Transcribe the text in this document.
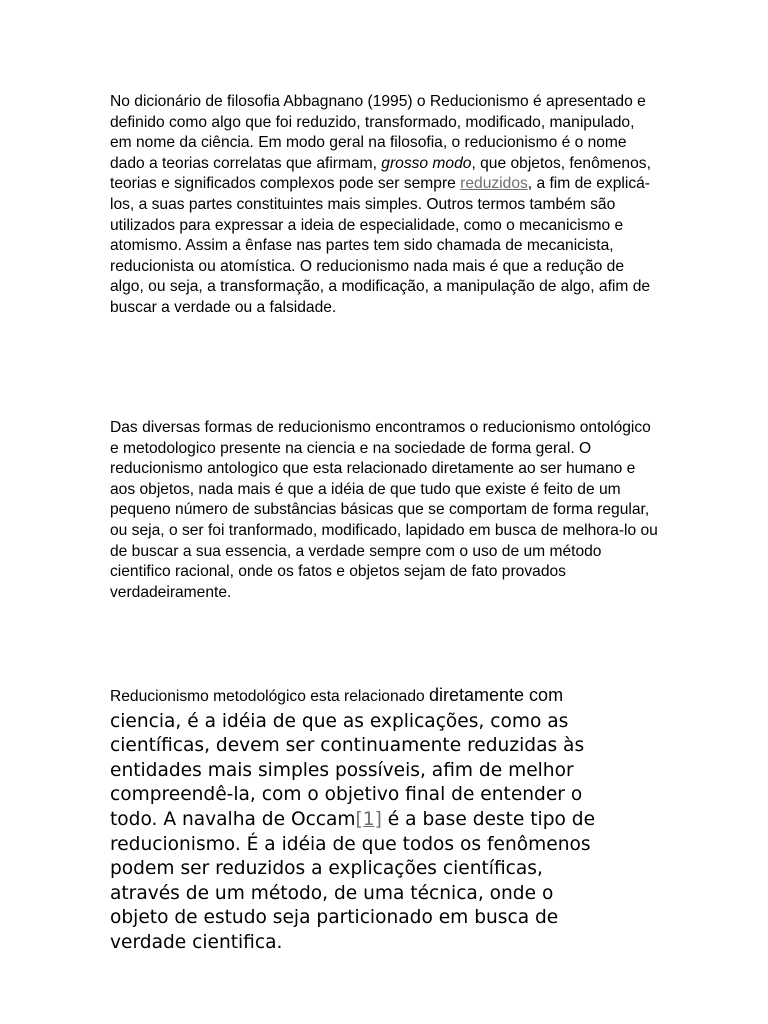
No dicionário de filosofia Abbagnano (1995) o Reducionismo é apresentado e definido como algo que foi reduzido, transformado, modificado, manipulado, em nome da ciência. Em modo geral na filosofia, o reducionismo é o nome dado a teorias correlatas que afirmam, grosso modo, que objetos, fenômenos, teorias e significados complexos pode ser sempre reduzidos, a fim de explicá-los, a suas partes constituintes mais simples. Outros termos também são utilizados para expressar a ideia de especialidade, como o mecanicismo e atomismo. Assim a ênfase nas partes tem sido chamada de mecanicista, reducionista ou atomística. O reducionismo nada mais é que a redução de algo, ou seja, a transformação, a modificação, a manipulação de algo, afim de buscar a verdade ou a falsidade.

Das diversas formas de reducionismo encontramos o reducionismo ontológico e metodologico presente na ciencia e na sociedade de forma geral. O reducionismo antologico que esta relacionado diretamente ao ser humano e aos objetos, nada mais é que a idéia de que tudo que existe é feito de um pequeno número de substâncias básicas que se comportam de forma regular, ou seja, o ser foi tranformado, modificado, lapidado em busca de melhora-lo ou de buscar a sua essencia, a verdade sempre com o uso de um método cientifico racional, onde os fatos e objetos sejam de fato provados verdadeiramente.

Reducionismo metodológico esta relacionado diretamente com
ciencia, é a idéia de que as explicações, como as
científicas, devem ser continuamente reduzidas às
entidades mais simples possíveis, afim de melhor
compreendê-la, com o objetivo final de entender o
todo. A navalha de Occam[1] é a base deste tipo de
reducionismo. É a idéia de que todos os fenômenos
podem ser reduzidos a explicações científicas,
através de um método, de uma técnica, onde o
objeto de estudo seja particionado em busca de
verdade cientifica.
